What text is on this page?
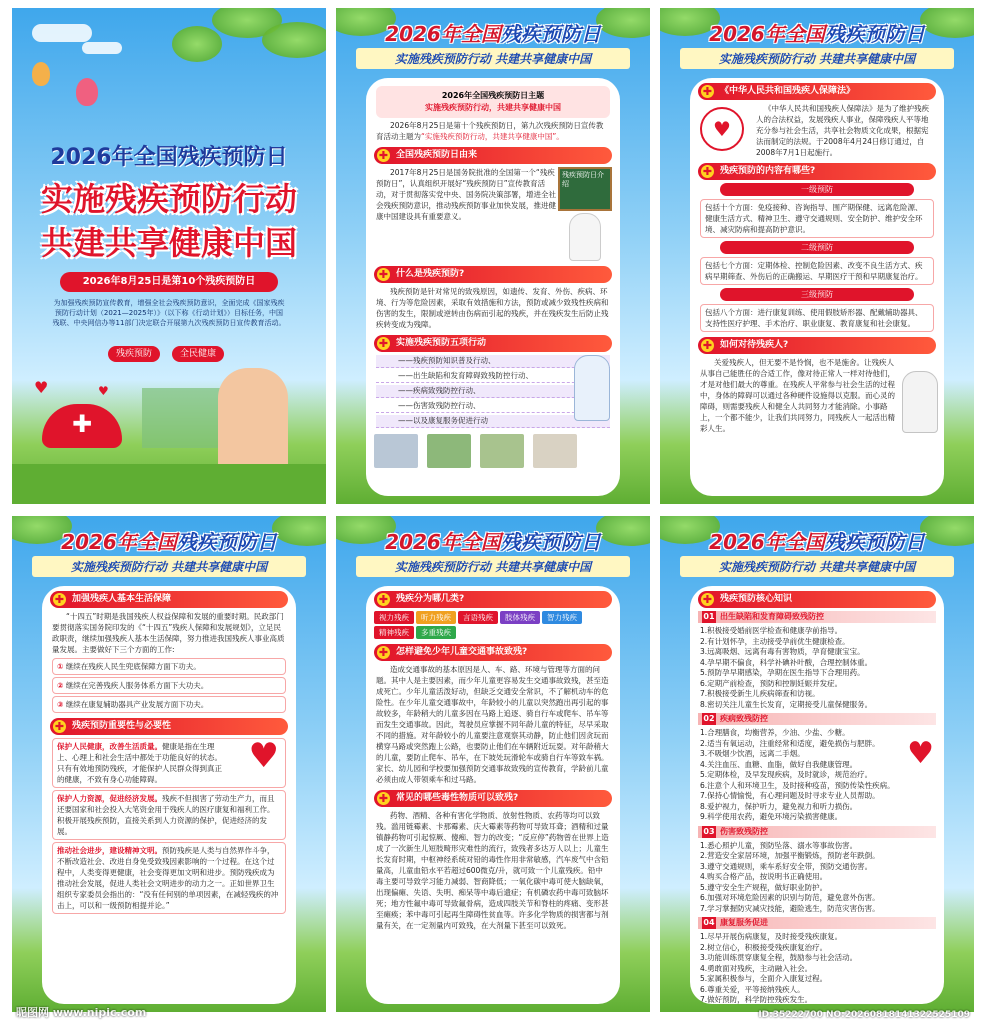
2026年全国残疾预防日
实施残疾预防行动
共建共享健康中国
2026年8月25日是第10个残疾预防日
为加强残疾预防宣传教育，增强全社会残疾预防意识，全面完成《国家残疾预防行动计划（2021—2025年）》（以下称《行动计划》）目标任务，中国残联、中央网信办等11部门决定联合开展第九次残疾预防日宣传教育活动。
残疾预防	全民健康
✚
♥	♥
2026年全国残疾预防日
实施残疾预防行动 共建共享健康中国
2026年全国残疾预防日主题
实施残疾预防行动，共建共享健康中国
2026年8月25日是第十个残疾预防日，第九次残疾预防日宣传教育活动主题为“实施残疾预防行动，共建共享健康中国”。
✚ 全国残疾预防日由来
2017年8月25日是国务院批准的全国第一个“残疾预防日”，认真组织开展好“残疾预防日”宣传教育活动，对于贯彻落实党中央、国务院决策部署，增进全社会残疾预防意识，推动残疾预防事业加快发展，推进健康中国建设具有重要意义。
残疾预防日介绍
✚ 什么是残疾预防?
残疾预防是针对常见的致残原因，如遗传、发育、外伤、疾病、环境、行为等危险因素，采取有效措施和方法，预防或减少致残性疾病和伤害的发生，限制或逆转由伤病而引起的残疾，并在残疾发生后防止残疾转变成为残障。
✚ 实施残疾预防五项行动
——残疾预防知识普及行动、
——出生缺陷和发育障碍致残防控行动、
——疾病致残防控行动、
——伤害致残防控行动、
——以及康复服务促进行动

2026年全国残疾预防日
实施残疾预防行动 共建共享健康中国
✚ 《中华人民共和国残疾人保障法》
♥
《中华人民共和国残疾人保障法》是为了维护残疾人的合法权益，发展残疾人事业，保障残疾人平等地充分参与社会生活，共享社会物质文化成果，根据宪法而制定的法规。于2008年4月24日修订通过，自2008年7月1日起施行。
✚ 残疾预防的内容有哪些?
一级预防
包括十个方面：免疫接种、咨询指导、围产期保健、远离危险源、健康生活方式、精神卫生、遵守交通规则、安全防护、维护安全环境、减灾防病和提高防护意识。
二级预防
包括七个方面：定期体检、控制危险因素、改变不良生活方式、疾病早期筛查、外伤后的正确搬运、早期医疗干预和早期康复治疗。
三级预防
包括八个方面：进行康复训练、使用假肢矫形器、配戴辅助器具、支持性医疗护理、手术治疗、职业康复、教育康复和社会康复。
✚ 如何对待残疾人?
关爱残疾人，但无要不是怜悯，也不是施舍。让残疾人从事自己能胜任的合适工作，像对待正常人一样对待他们，才是对他们最大的尊重。在残疾人平常参与社会生活的过程中，身体的障碍可以通过各种硬件设施得以克服。而心灵的障碍，则需要残疾人和健全人共同努力才能消除。小事路上，一个都不能少，让我们共同努力，同残疾人一起活出精彩人生。
2026年全国残疾预防日
实施残疾预防行动 共建共享健康中国
✚ 加强残疾人基本生活保障
“十四五”时期是我国残疾人权益保障和发展的重要时期。民政部门要贯彻落实国务院印发的《“十四五”残疾人保障和发展规划》，立足民政职责，继续加强残疾人基本生活保障，努力推进我国残疾人事业高质量发展。主要做好下三个方面的工作:
① 继续在残疾人民生兜底保障方面下功夫。
② 继续在完善残疾人服务体系方面下大功夫。
③ 继续在康复辅助器具产业发展方面下功夫。
✚ 残疾预防重要性与必要性
保护人民健康，改善生活质量。健康是指在生理上、心理上和社会生活中都处于功能良好的状态。只有有效地预防残疾，才能保护人民群众得到真正的健康，不致有身心功能障碍。
♥
保护人力资源，促进经济发展。残疾不但损害了劳动生产力，而且还要国家和社会投入大笔资金用于残疾人的医疗康复和福利工作。积极开展残疾预防，直接关系到人力资源的保护，促进经济的发展。
推动社会进步，建设精神文明。预防残疾是人类与自然界作斗争，不断改造社会、改进自身免受致残因素影响的一个过程。在这个过程中，人类变得更健康，社会变得更加文明和进步。预防残疾成为推动社会发展，促进人类社会文明进步的动力之一。正如世界卫生组织专家委员会指出的：“没有任何别的单项因素，在减轻残疾的冲击上，可以和一级预防相提并论。”
2026年全国残疾预防日
实施残疾预防行动 共建共享健康中国
✚ 残疾分为哪几类?
视力残疾	听力残疾	言语残疾	肢体残疾	智力残疾
精神残疾	多重残疾
✚ 怎样避免少年儿童交通事故致残?
造成交通事故的基本原因是人、车、路、环境与管理等方面的问题。其中人是主要因素，而少年儿童更容易发生交通事故致残，甚至造成死亡。少年儿童活泼好动，但缺乏交通安全常识，不了解机动车的危险性。在少年儿童交通事故中，年龄较小的儿童以突然跑出再引起的事故较多，年龄稍大的儿童多因在马路上追逐、骑自行车或爬车、吊车等而发生交通事故。因此，驾驶员应掌握不同年龄儿童的特征，尽早采取不同的措施。对年龄较小的儿童要注意观察其动静，防止他们因贪玩而横穿马路或突然跑上公路，也要防止他们在车辆附近玩耍。对年龄稍大的儿童，要防止爬车、吊车，在下坡处玩滑轮车或骑自行车等致车祸。家长、幼儿园和学校要加强预防交通事故致残的宣传教育，学龄前儿童必须由成人带领乘车和过马路。
✚ 常见的哪些毒性物质可以致残?
药物、酒精、各种有害化学物质、放射性物质、农药等均可以致残。滥用链霉素、卡那霉素、庆大霉素等药物可导致耳聋；酒精和过量镇静药物可引起惊厥、傻痴、智力的改变；“反应停”药物曾在世界上造成了一次新生儿短肢畸形灾难性的流行，致残者多达万人以上；儿童生长发育时期，中枢神经系统对铅的毒性作用非常敏感，汽车废气中含铅量高，儿童血铅水平若超过600微克/升，就可致一个儿童残疾。铅中毒主要可导致学习能力减弱、智商降低；一氧化碳中毒可使大脑缺氧，出现偏瘫、失语、失明、痴呆等中毒后遗症；有机磷农药中毒可致脑坏死；地方性氟中毒可导致氟骨病，造成四肢关节和脊柱的疼痛、变形甚至瘫痪；苯中毒可引起再生障碍性贫血等。许多化学物质的损害都与剂量有关，在一定剂量内可致残，在大剂量下甚至可以致死。
2026年全国残疾预防日
实施残疾预防行动 共建共享健康中国
✚ 残疾预防核心知识
01 出生缺陷和发育障碍致残防控
1.积极接受婚前医学检查和健康孕前指导。
2.有计划怀孕，主动接受孕前优生健康检查。
3.远离吸烟、远离有毒有害物质，孕育健康宝宝。
4.孕早期不偏食，科学补碘补叶酸，合理控制体重。
5.预防孕早期感染，孕期在医生指导下合理用药。
6.定期产前检查，预防和控制妊娠并发症。
7.积极接受新生儿疾病筛查和访视。
8.密切关注儿童生长发育，定期接受儿童保健服务。
02 疾病致残防控
1.合理膳食，均衡营养，少油、少盐、少糖。
2.适当有氧运动，注重经常和适度，避免损伤与肥胖。
3.不吸烟少饮酒，远离二手烟。
4.关注血压、血糖、血脂，做好自我健康管理。
5.定期体检，及早发现疾病，及时就诊，规范治疗。
6.注意个人和环境卫生，及时接种疫苗，预防传染性疾病。
7.保持心情愉悦，有心理问题及时寻求专业人员帮助。
8.爱护视力，保护听力，避免视力和听力损伤。
9.科学使用农药，避免环境污染损害健康。
03 伤害致残防控
1.悉心照护儿童，预防坠落、溺水等事故伤害。
2.营造安全家居环境，加强平衡锻炼，预防老年跌倒。
3.遵守交通规则，乘车系好安全带，预防交通伤害。
4.购买合格产品，按说明书正确使用。
5.遵守安全生产规程，做好职业防护。
6.加强对环境危险因素的识别与防范，避免意外伤害。
7.学习掌握防灾减灾技能，避险逃生，防范灾害伤害。
04 康复服务促进
1.尽早开展伤病康复，及时接受残疾康复。
2.树立信心，积极接受残疾康复治疗。
3.功能训练贯穿康复全程，鼓励参与社会活动。
4.勇敢面对残疾，主动融入社会。
5.家属积极参与，全面介入康复过程。
6.尊重关爱，平等接纳残疾人。
7.做好预防，科学防控残疾发生。
♥
昵图网 www.nipic.com	ID:35222700 NO:20260818141322525109
